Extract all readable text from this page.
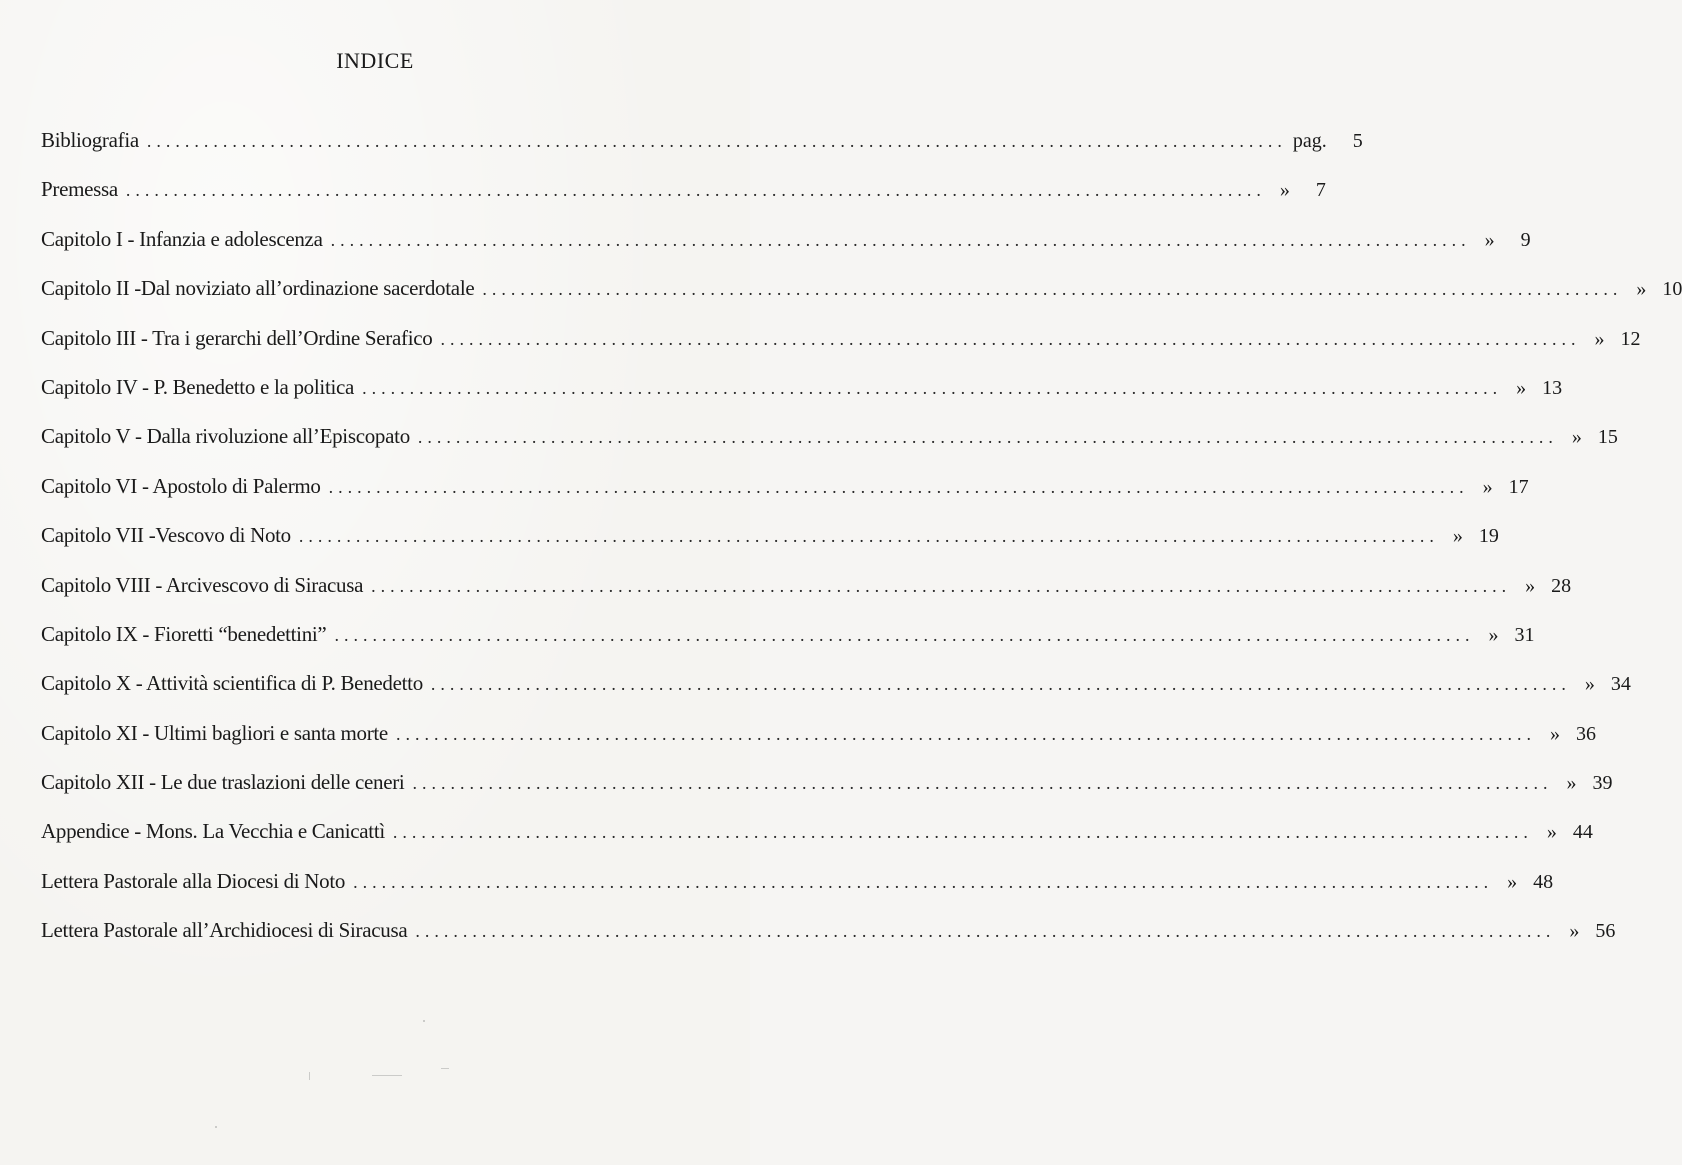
INDICE
Bibliografia ........................................................................................................................ pag.	5
Premessa ........................................................................................................................ »	7
Capitolo I - Infanzia e adolescenza ........................................................................................................................ »	9
Capitolo II -Dal noviziato all’ordinazione sacerdotale ........................................................................................................................ » 10
Capitolo III - Tra i gerarchi dell’Ordine Serafico ........................................................................................................................ » 12
Capitolo IV - P. Benedetto e la politica ........................................................................................................................ » 13
Capitolo V - Dalla rivoluzione all’Episcopato ........................................................................................................................ » 15
Capitolo VI - Apostolo di Palermo ........................................................................................................................ » 17
Capitolo VII -Vescovo di Noto ........................................................................................................................ » 19
Capitolo VIII - Arcivescovo di Siracusa ........................................................................................................................ » 28
Capitolo IX - Fioretti “benedettini” ........................................................................................................................ » 31
Capitolo X - Attività scientifica di P. Benedetto ........................................................................................................................ » 34
Capitolo XI - Ultimi bagliori e santa morte ........................................................................................................................ » 36
Capitolo XII - Le due traslazioni delle ceneri ........................................................................................................................ » 39
Appendice - Mons. La Vecchia e Canicattì ........................................................................................................................ » 44
Lettera Pastorale alla Diocesi di Noto ........................................................................................................................ » 48
Lettera Pastorale all’Archidiocesi di Siracusa ........................................................................................................................ » 56
